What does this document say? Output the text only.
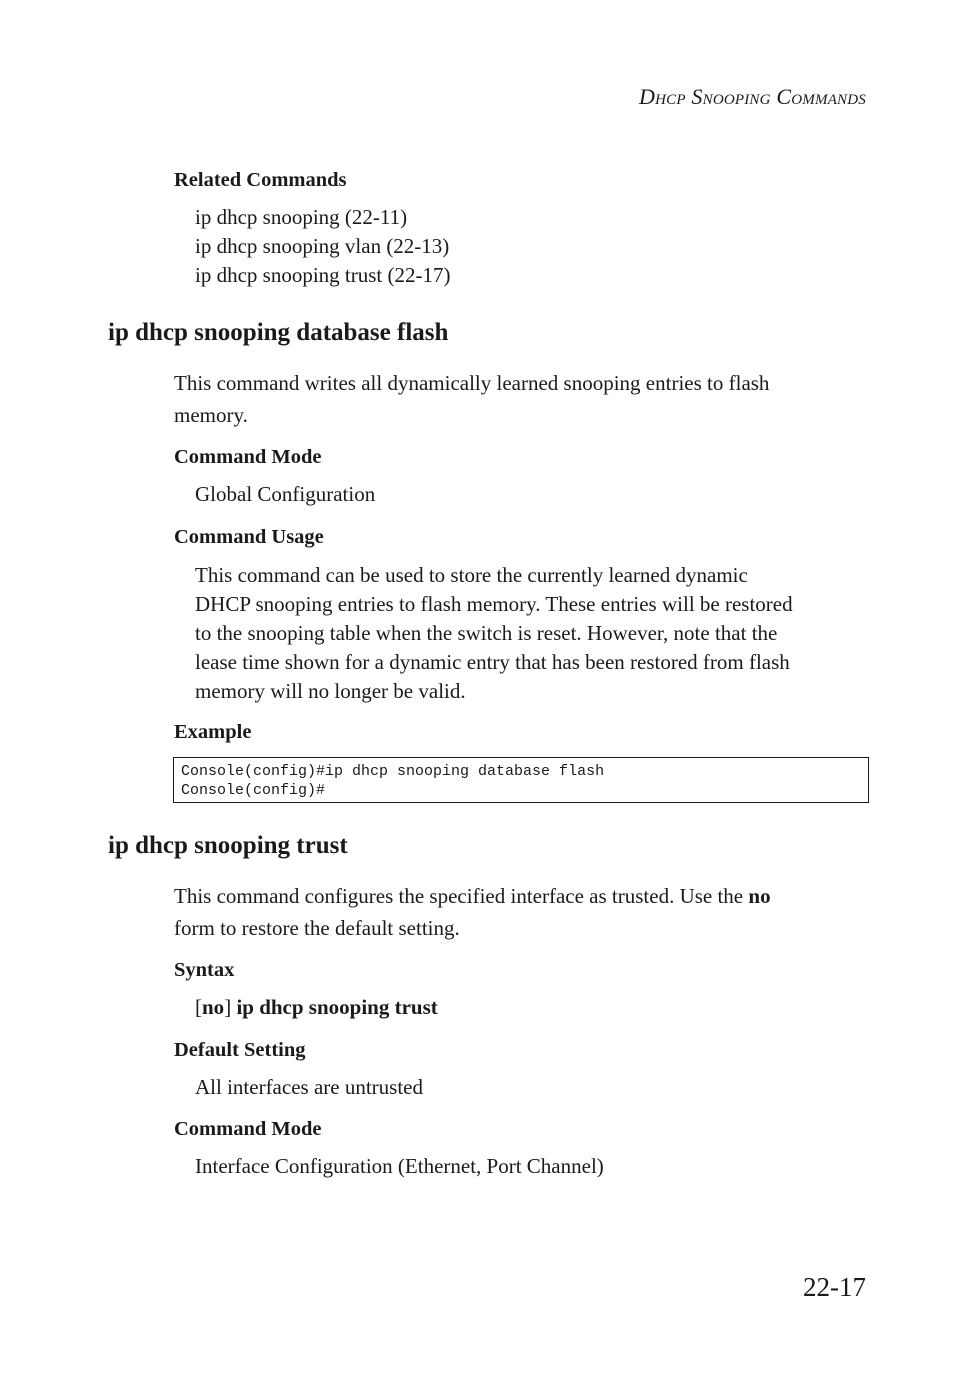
DHCP SNOOPING COMMANDS
Related Commands
ip dhcp snooping (22-11)
ip dhcp snooping vlan (22-13)
ip dhcp snooping trust (22-17)
ip dhcp snooping database flash
This command writes all dynamically learned snooping entries to flash
memory.
Command Mode
Global Configuration
Command Usage
This command can be used to store the currently learned dynamic
DHCP snooping entries to flash memory. These entries will be restored
to the snooping table when the switch is reset. However, note that the
lease time shown for a dynamic entry that has been restored from flash
memory will no longer be valid.
Example
Console(config)#ip dhcp snooping database flash
Console(config)#
ip dhcp snooping trust
This command configures the specified interface as trusted. Use the no
form to restore the default setting.
Syntax
[no] ip dhcp snooping trust
Default Setting
All interfaces are untrusted
Command Mode
Interface Configuration (Ethernet, Port Channel)
22-17
